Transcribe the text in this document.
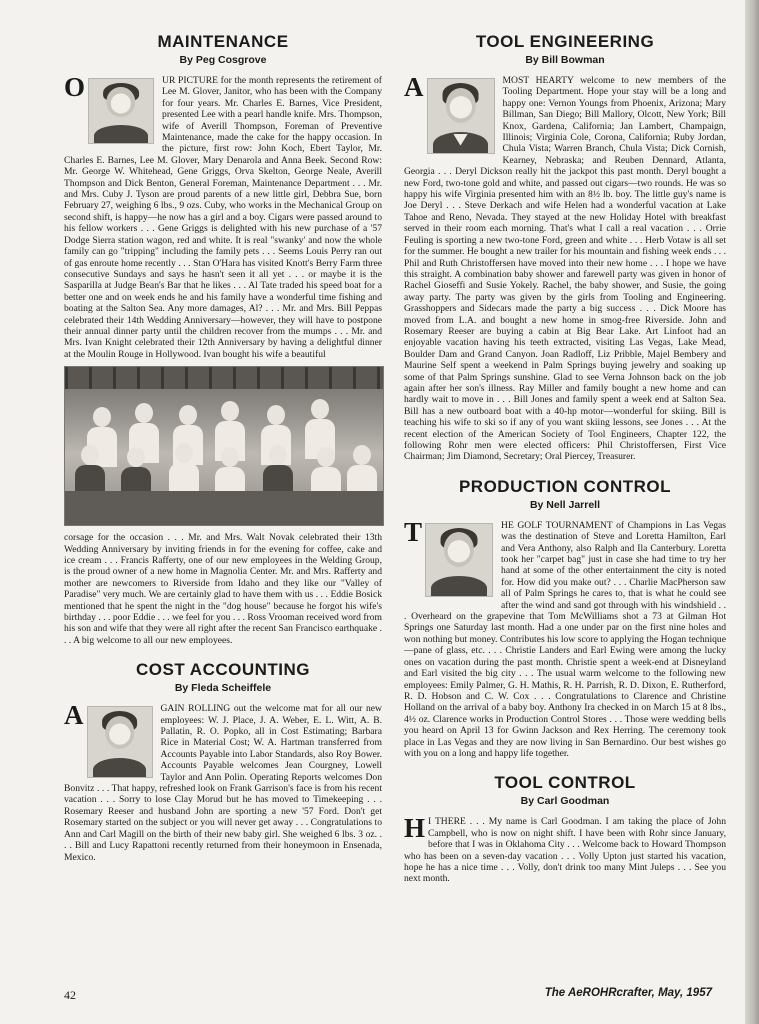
MAINTENANCE
By Peg Cosgrove

O	UR PICTURE for the month represents the retirement of Lee M. Glover, Janitor, who has been with the Company for four years. Mr. Charles E. Barnes, Vice President, presented Lee with a pearl handle knife. Mrs. Thompson, wife of Averill Thompson, Foreman of Preventive Maintenance, made the cake for the happy occasion. In the picture, first row: John Koch, Ebert Taylor, Mr. Charles E. Barnes, Lee M. Glover, Mary Denarola and Anna Beek. Second Row: Mr. George W. Whitehead, Gene Griggs, Orva Skelton, George Neale, Averill Thompson and Dick Benton, General Foreman, Maintenance Department . . . Mr. and Mrs. Cuby J. Tyson are proud parents of a new little girl, Debbra Sue, born February 27, weighing 6 lbs., 9 ozs. Cuby, who works in the Mechanical Group on second shift, is happy—he now has a girl and a boy. Cigars were passed around to his fellow workers . . . Gene Griggs is delighted with his new purchase of a '57 Dodge Sierra station wagon, red and white. It is real "swanky' and now the whole family can go "tripping" including the family pets . . . Seems Louis Perry ran out of gas enroute home recently . . . Stan O'Hara has visited Knott's Berry Farm three consecutive Sundays and says he hasn't seen it all yet . . . or maybe it is the Sasparilla at Judge Bean's Bar that he likes . . . Al Tate traded his speed boat for a better one and on week ends he and his family have a wonderful time fishing and boating at the Salton Sea. Any more damages, Al? . . . Mr. and Mrs. Bill Peppas celebrated their 14th Wedding Anniversary—however, they will have to postpone their annual dinner party until the children recover from the mumps . . . Mr. and Mrs. Ivan Knight celebrated their 12th Anniversary by having a delightful dinner at the Moulin Rouge in Hollywood. Ivan bought his wife a beautiful

corsage for the occasion . . . Mr. and Mrs. Walt Novak celebrated their 13th Wedding Anniversary by inviting friends in for the evening for coffee, cake and ice cream . . . Francis Rafferty, one of our new employees in the Welding Group, is the proud owner of a new home in Magnolia Center. Mr. and Mrs. Rafferty and mother are newcomers to Riverside from Idaho and they like our "Valley of Paradise" very much. We are certainly glad to have them with us . . . Eddie Bosick mentioned that he spent the night in the "dog house" because he forgot his wife's birthday . . . poor Eddie . . . we feel for you . . . Ross Vrooman received word from his son and wife that they were all right after the recent San Francisco earthquake . . . A big welcome to all our new employees.

COST ACCOUNTING
By Fleda Scheiffele

A	GAIN ROLLING out the welcome mat for all our new employees: W. J. Place, J. A. Weber, E. L. Witt, A. B. Pallatin, R. O. Popko, all in Cost Estimating; Barbara Rice in Material Cost; W. A. Hartman transferred from Accounts Payable into Labor Standards, also Roy Bower. Accounts Payable welcomes Jean Courgney, Lowell Taylor and Ann Polin. Operating Reports welcomes Don Bonvitz . . . That happy, refreshed look on Frank Garrison's face is from his recent vacation . . . Sorry to lose Clay Morud but he has moved to Timekeeping . . . Rosemary Reeser and husband John are sporting a new '57 Ford. Don't get Rosemary started on the subject or you will never get away . . . Congratulations to Ann and Carl Magill on the birth of their new baby girl. She weighed 6 lbs. 3 oz. . . . Bill and Lucy Rapattoni recently returned from their honeymoon in Ensenada, Mexico.

TOOL ENGINEERING
By Bill Bowman

A	MOST HEARTY welcome to new members of the Tooling Department. Hope your stay will be a long and happy one: Vernon Youngs from Phoenix, Arizona; Mary Billman, San Diego; Bill Mallory, Olcott, New York; Bill Knox, Gardena, California; Jan Lambert, Champaign, Illinois; Virginia Cole, Corona, California; Ruby Jordan, Chula Vista; Warren Branch, Chula Vista; Dick Cornish, Kearney, Nebraska; and Reuben Dennard, Atlanta, Georgia . . . Deryl Dickson really hit the jackpot this past month. Deryl bought a new Ford, two-tone gold and white, and passed out cigars—two rounds. He was so happy his wife Virginia presented him with an 8½ lb. boy. The little guy's name is Joe Deryl . . . Steve Derkach and wife Helen had a wonderful vacation at Lake Tahoe and Reno, Nevada. They stayed at the new Holiday Hotel with breakfast served in their room each morning. That's what I call a real vacation . . . Orrie Feuling is sporting a new two-tone Ford, green and white . . . Herb Votaw is all set for the summer. He bought a new trailer for his mountain and fishing week ends . . . Phil and Ruth Christoffersen have moved into their new home . . . I hope we have this straight. A combination baby shower and farewell party was given in honor of Rachel Gioseffi and Susie Yokely. Rachel, the baby shower, and Susie, the going away party. The party was given by the girls from Tooling and Engineering. Grasshoppers and Sidecars made the party a big success . . . Dick Moore has moved from L.A. and bought a new home in smog-free Riverside. John and Rosemary Reeser are buying a cabin at Big Bear Lake. Art Linfoot had an enjoyable vacation having his teeth extracted, visiting Las Vegas, Lake Mead, Boulder Dam and Grand Canyon. Joan Radloff, Liz Pribble, Majel Bembery and Maurine Self spent a weekend in Palm Springs buying jewelry and soaking up some of that Palm Springs sunshine. Glad to see Verna Johnson back on the job again after her son's illness. Ray Miller and family bought a new home and can hardly wait to move in . . . Bill Jones and family spent a week end at Salton Sea. Bill has a new outboard boat with a 40-hp motor—wonderful for skiing. Bill is teaching his wife to ski so if any of you want skiing lessons, see Jones . . . At the recent election of the American Society of Tool Engineers, Chapter 122, the following Rohr men were elected officers: Phil Christoffersen, First Vice Chairman; Jim Diamond, Secretary; Oral Piercey, Treasurer.

PRODUCTION CONTROL
By Nell Jarrell

T	HE GOLF TOURNAMENT of Champions in Las Vegas was the destination of Steve and Loretta Hamilton, Earl and Vera Anthony, also Ralph and Ila Canterbury. Loretta took her "carpet bag" just in case she had time to try her hand at some of the other entertainment the city is noted for. How did you make out? . . . Charlie MacPherson saw all of Palm Springs he cares to, that is what he could see after the wind and sand got through with his windshield . . . Overheard on the grapevine that Tom McWilliams shot a 73 at Gilman Hot Springs one Saturday last month. Had a one under par on the first nine holes and won nothing but money. Contributes his low score to applying the Hogan technique—pane of glass, etc. . . . Christie Landers and Earl Ewing were among the lucky ones on vacation during the past month. Christie spent a week-end at Disneyland and Earl visited the big city . . . The usual warm welcome to the following new employees: Emily Palmer, G. H. Mathis, R. H. Parrish, R. D. Dixon, E. Rutherford, R. D. Hobson and C. W. Cox . . . Congratulations to Clarence and Christine Holland on the arrival of a baby boy. Anthony Ira checked in on March 15 at 8 lbs., 4½ oz. Clarence works in Production Control Stores . . . Those were wedding bells you heard on April 13 for Gwinn Jackson and Rex Herring. The ceremony took place in Las Vegas and they are now living in San Bernardino. Our best wishes go with you on a long and happy life together.

TOOL CONTROL
By Carl Goodman

H I THERE . . . My name is Carl Goodman. I am taking the place of John Campbell, who is now on night shift. I have been with Rohr since January, before that I was in Oklahoma City . . . Welcome back to Howard Thompson who has been on a seven-day vacation . . . Volly Upton just started his vacation, hope he has a nice time . . . Volly, don't drink too many Mint Juleps . . . See you next month.

42	The AeROHRcrafter, May, 1957
